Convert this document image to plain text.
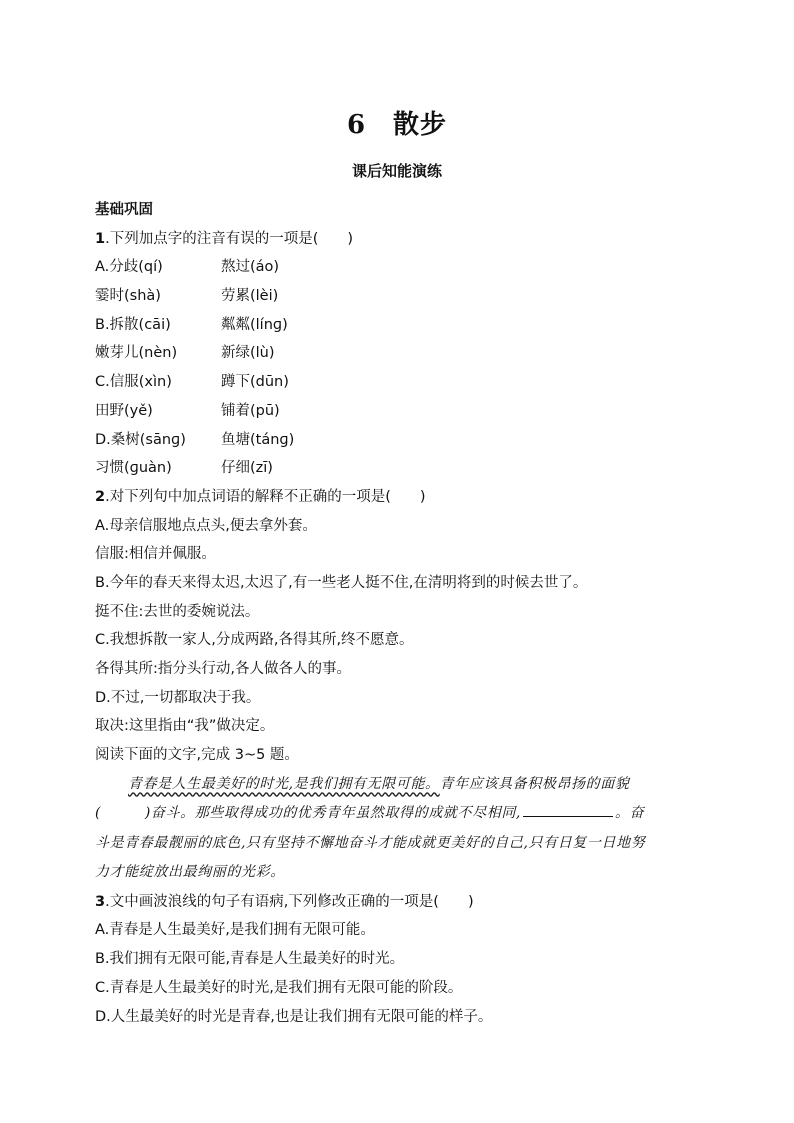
6　散步
课后知能演练
基础巩固
1.下列加点字的注音有误的一项是(　　)
A.分歧(qí)	熬过(áo)
霎时(shà)	劳累(lèi)
B.拆散(cāi)	粼粼(línɡ)
嫩芽儿(nèn)	新绿(lù)
C.信服(xìn)	蹲下(dūn)
田野(yě)	铺着(pū)
D.桑树(sānɡ)	鱼塘(tánɡ)
习惯(ɡuàn)	仔细(zī)
2.对下列句中加点词语的解释不正确的一项是(　　)
A.母亲信服地点点头,便去拿外套。
信服:相信并佩服。
B.今年的春天来得太迟,太迟了,有一些老人挺不住,在清明将到的时候去世了。
挺不住:去世的委婉说法。
C.我想拆散一家人,分成两路,各得其所,终不愿意。
各得其所:指分头行动,各人做各人的事。
D.不过,一切都取决于我。
取决:这里指由“我”做决定。
阅读下面的文字,完成 3~5 题。
青春是人生最美好的时光,是我们拥有无限可能。青年应该具备积极昂扬的面貌
(　　　)奋斗。那些取得成功的优秀青年虽然取得的成就不尽相同,	。奋
斗是青春最靓丽的底色,只有坚持不懈地奋斗才能成就更美好的自己,只有日复一日地努
力才能绽放出最绚丽的光彩。
3.文中画波浪线的句子有语病,下列修改正确的一项是(　　)
A.青春是人生最美好,是我们拥有无限可能。
B.我们拥有无限可能,青春是人生最美好的时光。
C.青春是人生最美好的时光,是我们拥有无限可能的阶段。
D.人生最美好的时光是青春,也是让我们拥有无限可能的样子。
